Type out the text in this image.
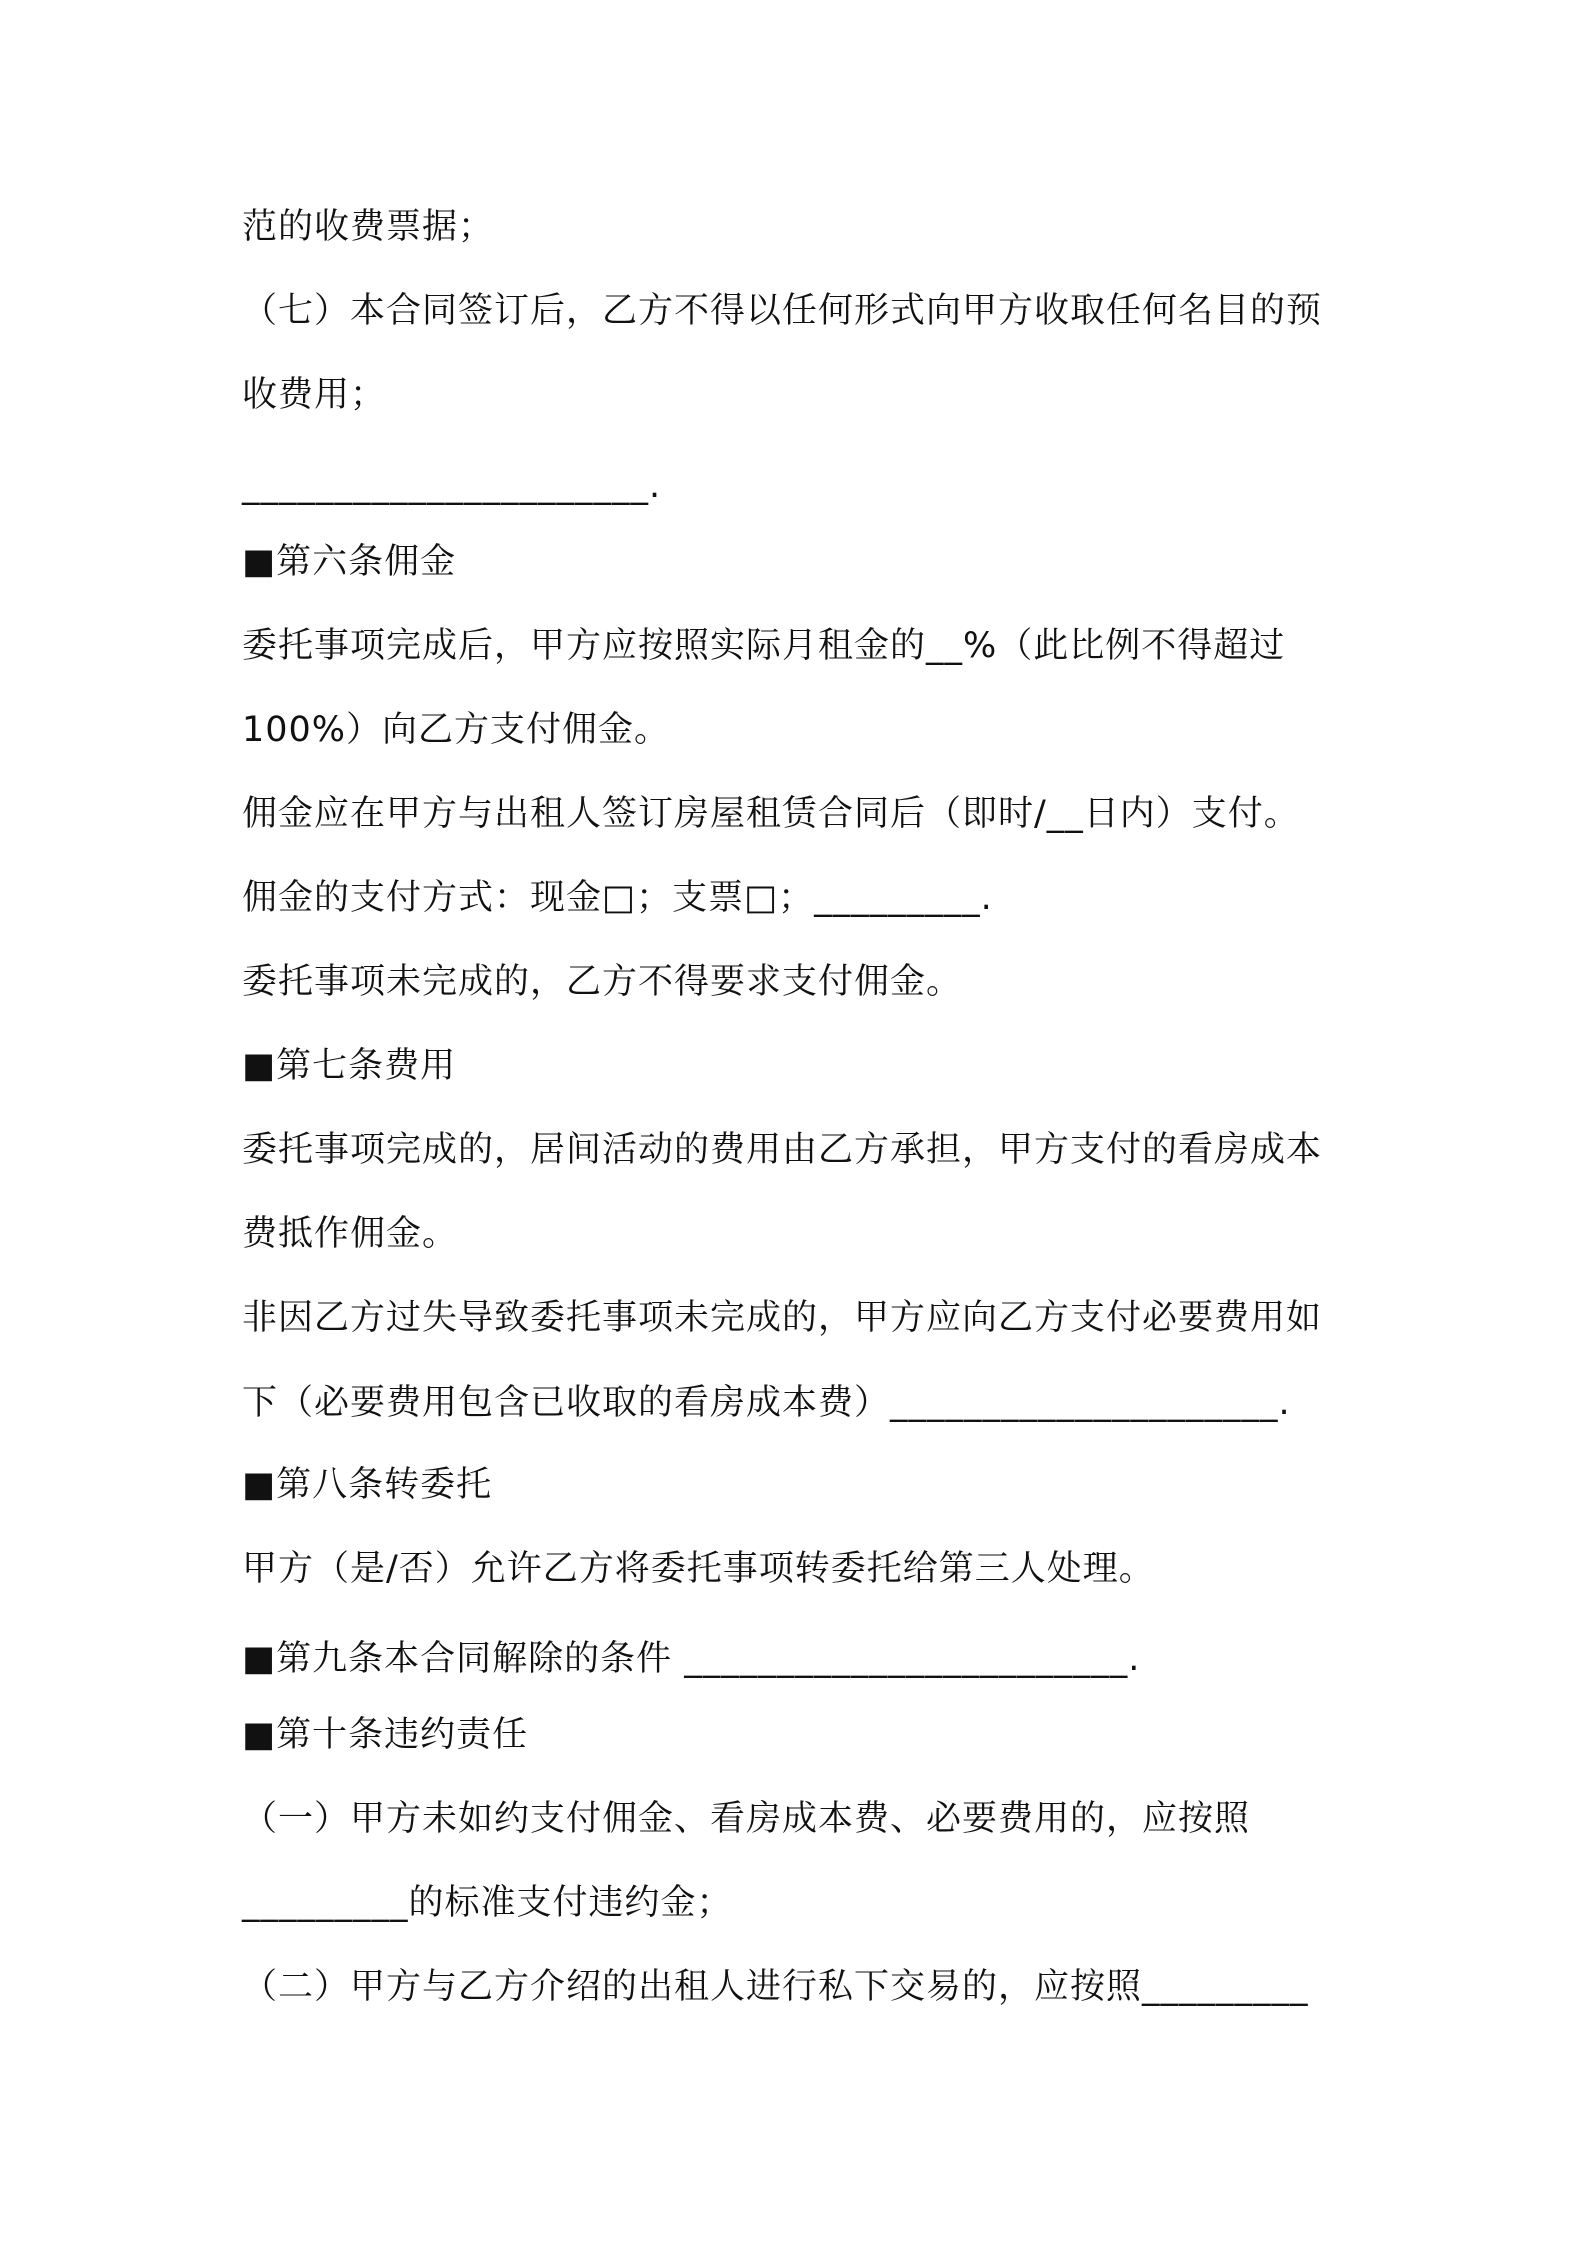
范的收费票据；
（七）本合同签订后，乙方不得以任何形式向甲方收取任何名目的预
收费用；
______________________.
■第六条佣金
委托事项完成后，甲方应按照实际月租金的__%（此比例不得超过
100%）向乙方支付佣金。
佣金应在甲方与出租人签订房屋租赁合同后（即时/__日内）支付。
佣金的支付方式：现金□；支票□；_________.
委托事项未完成的，乙方不得要求支付佣金。
■第七条费用
委托事项完成的，居间活动的费用由乙方承担，甲方支付的看房成本
费抵作佣金。
非因乙方过失导致委托事项未完成的，甲方应向乙方支付必要费用如
下（必要费用包含已收取的看房成本费）_____________________.
■第八条转委托
甲方（是/否）允许乙方将委托事项转委托给第三人处理。
■第九条本合同解除的条件 ________________________.
■第十条违约责任
（一）甲方未如约支付佣金、看房成本费、必要费用的，应按照
_________的标准支付违约金；
（二）甲方与乙方介绍的出租人进行私下交易的，应按照_________
